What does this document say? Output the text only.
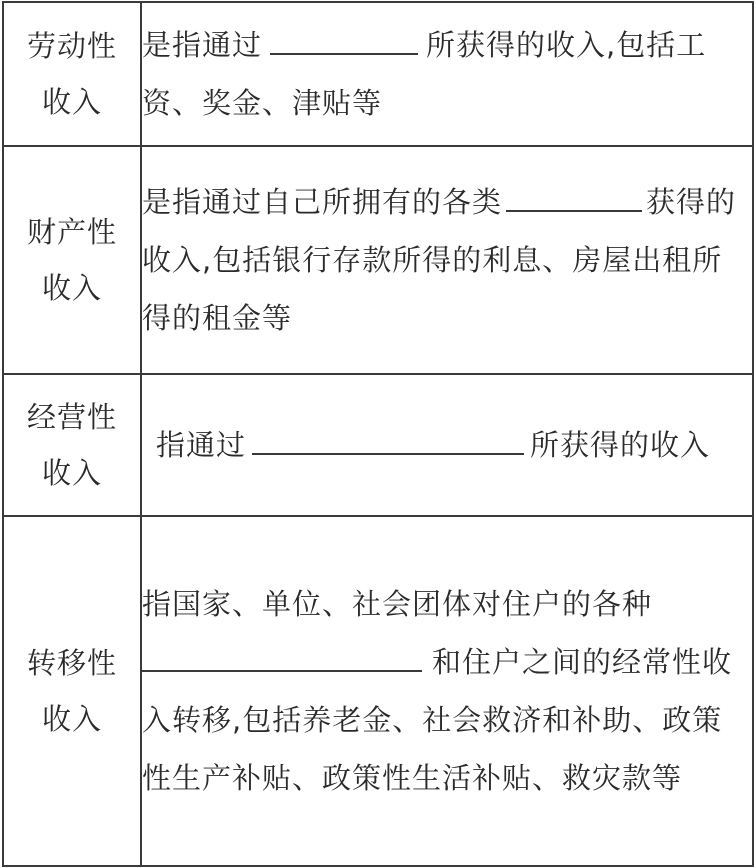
劳动性
收入	是指通过 所获得的收入,包括工资、奖金、津贴等

财产性
收入	是指通过自己所拥有的各类 获得的收入,包括银行存款所得的利息、房屋出租所得的租金等

经营性
收入	指通过 所获得的收入

转移性
收入	指国家、单位、社会团体对住户的各种和住户之间的经常性收入转移,包括养老金、社会救济和补助、政策性生产补贴、政策性生活补贴、救灾款等
